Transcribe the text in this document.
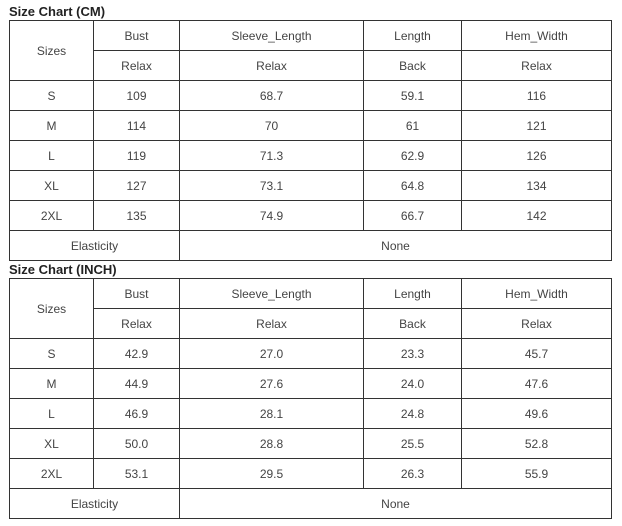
Size Chart (CM)
Sizes	Bust	Sleeve_Length	Length	Hem_Width
	Relax	Relax	Back	Relax
S	109	68.7	59.1	116
M	114	70	61	121
L	119	71.3	62.9	126
XL	127	73.1	64.8	134
2XL	135	74.9	66.7	142
Elasticity		None		
Size Chart (INCH)
Sizes	Bust	Sleeve_Length	Length	Hem_Width
	Relax	Relax	Back	Relax
S	42.9	27.0	23.3	45.7
M	44.9	27.6	24.0	47.6
L	46.9	28.1	24.8	49.6
XL	50.0	28.8	25.5	52.8
2XL	53.1	29.5	26.3	55.9
Elasticity		None		
